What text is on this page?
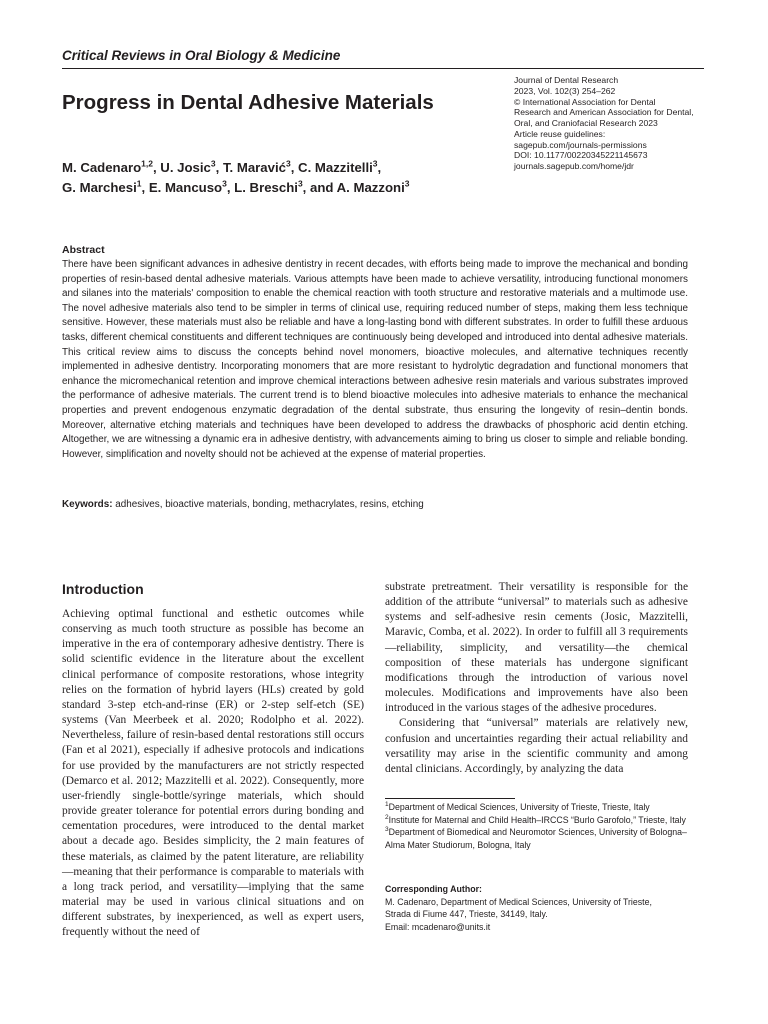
Critical Reviews in Oral Biology & Medicine
Progress in Dental Adhesive Materials

M. Cadenaro$^{1,2}$, U. Josic$^3$, T. Maravić$^3$, C. Mazzitelli$^3$,
G. Marchesi$^1$, E. Mancuso$^3$, L. Breschi$^3$, and A. Mazzoni$^3$

Journal of Dental Research
2023, Vol. 102(3) 254–262
© International Association for Dental
Research and American Association for Dental,
Oral, and Craniofacial Research 2023
Article reuse guidelines:
sagepub.com/journals-permissions
DOI: 10.1177/00220345221145673
journals.sagepub.com/home/jdr
Abstract

There have been significant advances in adhesive dentistry in recent decades, with efforts being made to improve the mechanical and bonding properties of resin-based dental adhesive materials. Various attempts have been made to achieve versatility, introducing functional monomers and silanes into the materials' composition to enable the chemical reaction with tooth structure and restorative materials and a multimode use. The novel adhesive materials also tend to be simpler in terms of clinical use, requiring reduced number of steps, making them less technique sensitive. However, these materials must also be reliable and have a long-lasting bond with different substrates. In order to fulfill these arduous tasks, different chemical constituents and different techniques are continuously being developed and introduced into dental adhesive materials. This critical review aims to discuss the concepts behind novel monomers, bioactive molecules, and alternative techniques recently implemented in adhesive dentistry. Incorporating monomers that are more resistant to hydrolytic degradation and functional monomers that enhance the micromechanical retention and improve chemical interactions between adhesive resin materials and various substrates improved the performance of adhesive materials. The current trend is to blend bioactive molecules into adhesive materials to enhance the mechanical properties and prevent endogenous enzymatic degradation of the dental substrate, thus ensuring the longevity of resin–dentin bonds. Moreover, alternative etching materials and techniques have been developed to address the drawbacks of phosphoric acid dentin etching. Altogether, we are witnessing a dynamic era in adhesive dentistry, with advancements aiming to bring us closer to simple and reliable bonding. However, simplification and novelty should not be achieved at the expense of material properties.

Keywords: adhesives, bioactive materials, bonding, methacrylates, resins, etching

Introduction

Achieving optimal functional and esthetic outcomes while conserving as much tooth structure as possible has become an imperative in the era of contemporary adhesive dentistry. There is solid scientific evidence in the literature about the excellent clinical performance of composite restorations, whose integrity relies on the formation of hybrid layers (HLs) created by gold standard 3-step etch-and-rinse (ER) or 2-step self-etch (SE) systems (Van Meerbeek et al. 2020; Rodolpho et al. 2022). Nevertheless, failure of resin-based dental restorations still occurs (Fan et al 2021), especially if adhesive protocols and indications for use provided by the manufacturers are not strictly respected (Demarco et al. 2012; Mazzitelli et al. 2022). Consequently, more user-friendly single-bottle/syringe materials, which should provide greater tolerance for potential errors during bonding and cementation procedures, were introduced to the dental market about a decade ago. Besides simplicity, the 2 main features of these materials, as claimed by the patent literature, are reliability—meaning that their performance is comparable to materials with a long track period, and versatility—implying that the same material may be used in various clinical situations and on different substrates, by inexperienced, as well as expert users, frequently without the need of

substrate pretreatment. Their versatility is responsible for the addition of the attribute “universal” to materials such as adhesive systems and self-adhesive resin cements (Josic, Mazzitelli, Maravic, Comba, et al. 2022). In order to fulfill all 3 requirements—reliability, simplicity, and versatility—the chemical composition of these materials has undergone significant modifications through the introduction of various novel molecules. Modifications and improvements have also been introduced in the various stages of the adhesive procedures.

Considering that “universal” materials are relatively new, confusion and uncertainties regarding their actual reliability and versatility may arise in the scientific community and among dental clinicians. Accordingly, by analyzing the data

$^1$Department of Medical Sciences, University of Trieste, Trieste, Italy

$^2$Institute for Maternal and Child Health–IRCCS “Burlo Garofolo,” Trieste, Italy

$^3$Department of Biomedical and Neuromotor Sciences, University of Bologna–Alma Mater Studiorum, Bologna, Italy

Corresponding Author:

M. Cadenaro, Department of Medical Sciences, University of Trieste,
Strada di Fiume 447, Trieste, 34149, Italy.
Email: mcadenaro@units.it
